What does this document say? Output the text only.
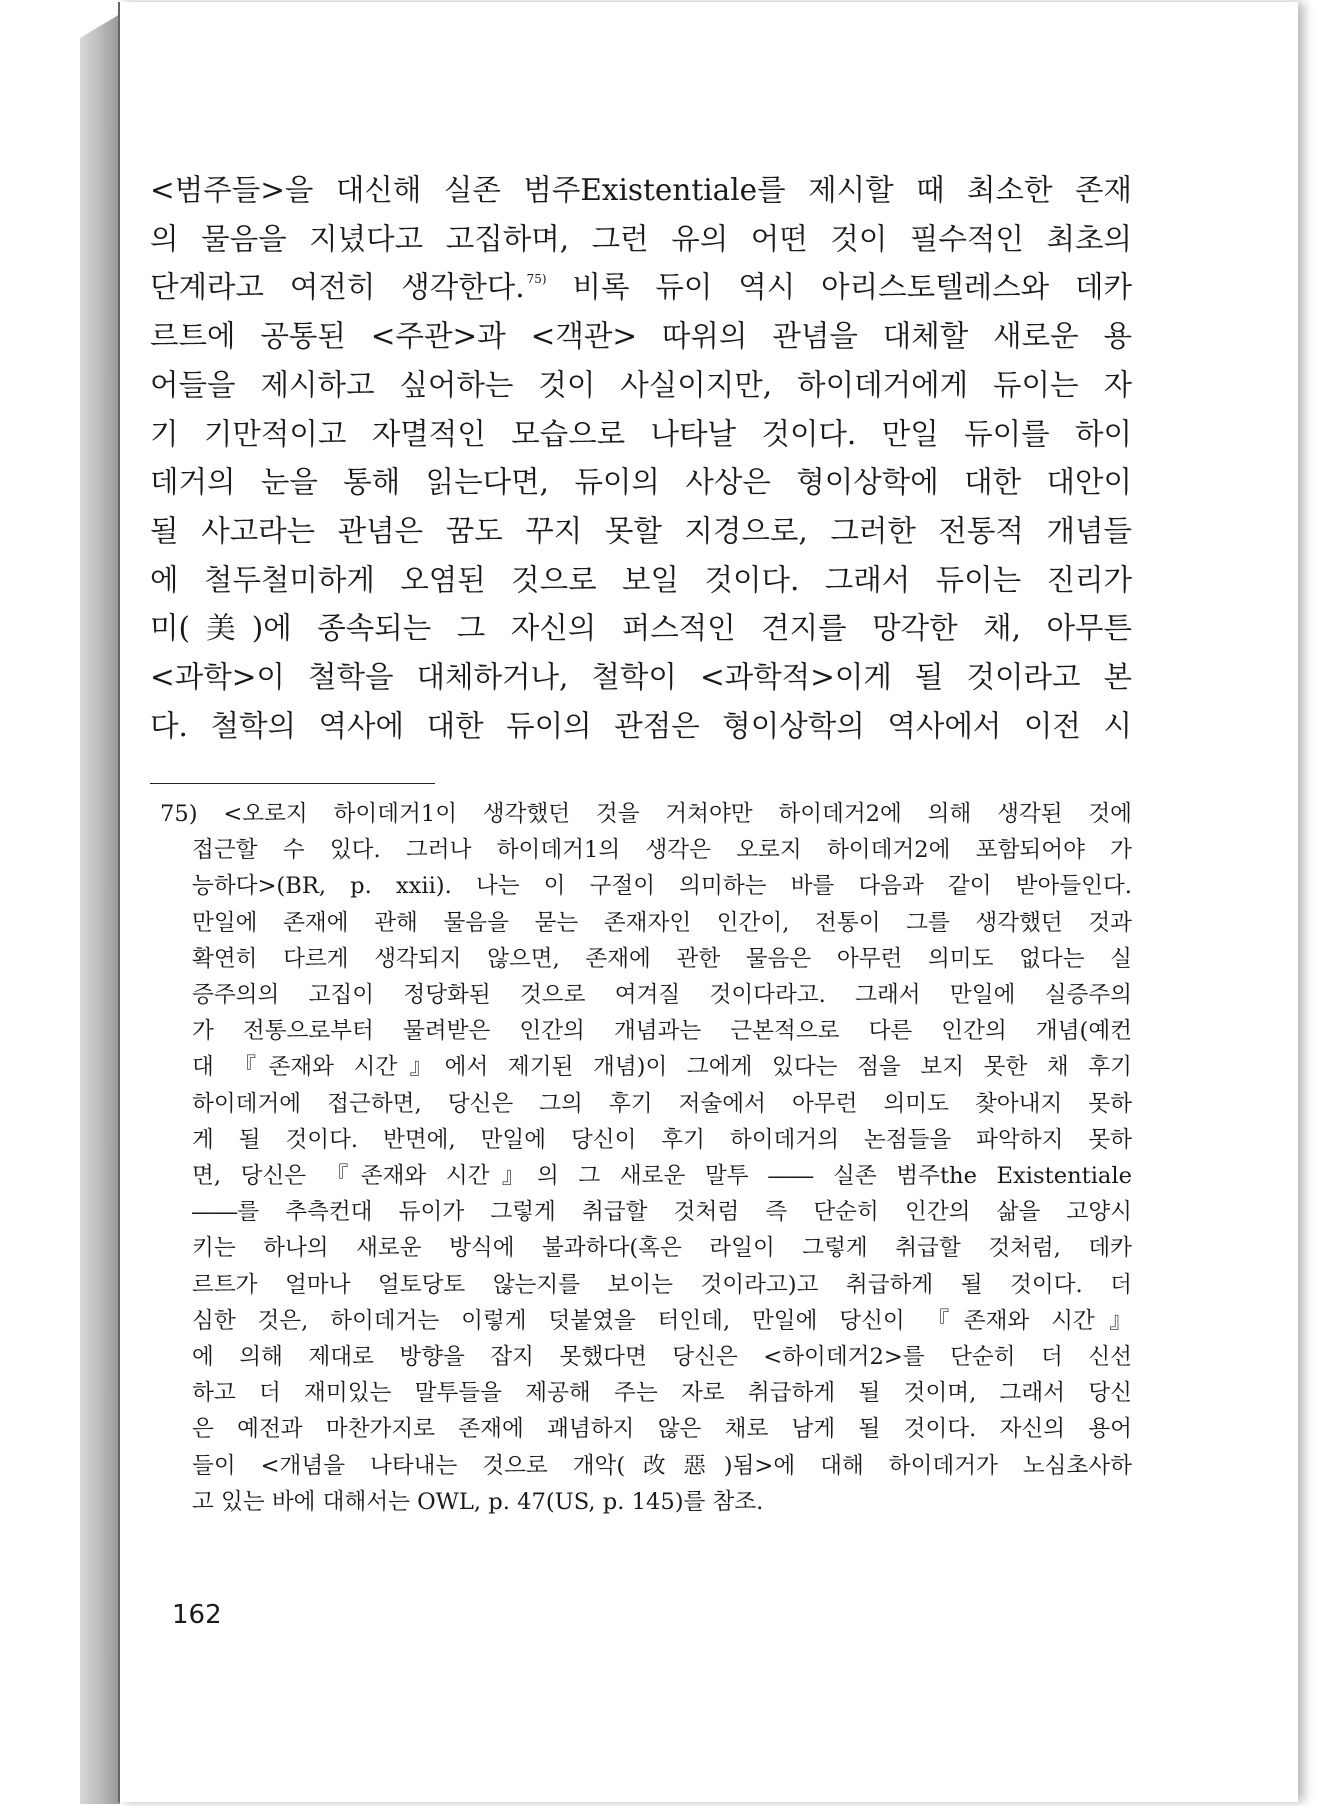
<범주들>을 대신해 실존 범주Existentiale를 제시할 때 최소한 존재
의 물음을 지녔다고 고집하며, 그런 유의 어떤 것이 필수적인 최초의
단계라고 여전히 생각한다. $^{75)}$ 비록 듀이 역시 아리스토텔레스와 데카
르트에 공통된 <주관>과 <객관> 따위의 관념을 대체할 새로운 용
어들을 제시하고 싶어하는 것이 사실이지만, 하이데거에게 듀이는 자
기 기만적이고 자멸적인 모습으로 나타날 것이다. 만일 듀이를 하이
데거의 눈을 통해 읽는다면, 듀이의 사상은 형이상학에 대한 대안이
될 사고라는 관념은 꿈도 꾸지 못할 지경으로, 그러한 전통적 개념들
에 철두철미하게 오염된 것으로 보일 것이다. 그래서 듀이는 진리가
미(美)에 종속되는 그 자신의 퍼스적인 견지를 망각한 채, 아무튼
<과학>이 철학을 대체하거나, 철학이 <과학적>이게 될 것이라고 본
다. 철학의 역사에 대한 듀이의 관점은 형이상학의 역사에서 이전 시
75) <오로지 하이데거1이 생각했던 것을 거쳐야만 하이데거2에 의해 생각된 것에
접근할 수 있다. 그러나 하이데거1의 생각은 오로지 하이데거2에 포함되어야 가
능하다>(BR, p. xxii). 나는 이 구절이 의미하는 바를 다음과 같이 받아들인다.
만일에 존재에 관해 물음을 묻는 존재자인 인간이, 전통이 그를 생각했던 것과
확연히 다르게 생각되지 않으면, 존재에 관한 물음은 아무런 의미도 없다는 실
증주의의 고집이 정당화된 것으로 여겨질 것이다라고. 그래서 만일에 실증주의
가 전통으로부터 물려받은 인간의 개념과는 근본적으로 다른 인간의 개념(예컨
대 『존재와 시간』에서 제기된 개념)이 그에게 있다는 점을 보지 못한 채 후기
하이데거에 접근하면, 당신은 그의 후기 저술에서 아무런 의미도 찾아내지 못하
게 될 것이다. 반면에, 만일에 당신이 후기 하이데거의 논점들을 파악하지 못하
면, 당신은 『존재와 시간』의 그 새로운 말투 ―― 실존 범주the Existentiale
――를 추측컨대 듀이가 그렇게 취급할 것처럼 즉 단순히 인간의 삶을 고양시
키는 하나의 새로운 방식에 불과하다(혹은 라일이 그렇게 취급할 것처럼, 데카
르트가 얼마나 얼토당토 않는지를 보이는 것이라고)고 취급하게 될 것이다. 더
심한 것은, 하이데거는 이렇게 덧붙였을 터인데, 만일에 당신이 『존재와 시간』
에 의해 제대로 방향을 잡지 못했다면 당신은 <하이데거2>를 단순히 더 신선
하고 더 재미있는 말투들을 제공해 주는 자로 취급하게 될 것이며, 그래서 당신
은 예전과 마찬가지로 존재에 괘념하지 않은 채로 남게 될 것이다. 자신의 용어
들이 <개념을 나타내는 것으로 개악(改惡)됨>에 대해 하이데거가 노심초사하
고 있는 바에 대해서는 OWL, p. 47(US, p. 145)를 참조.
162
